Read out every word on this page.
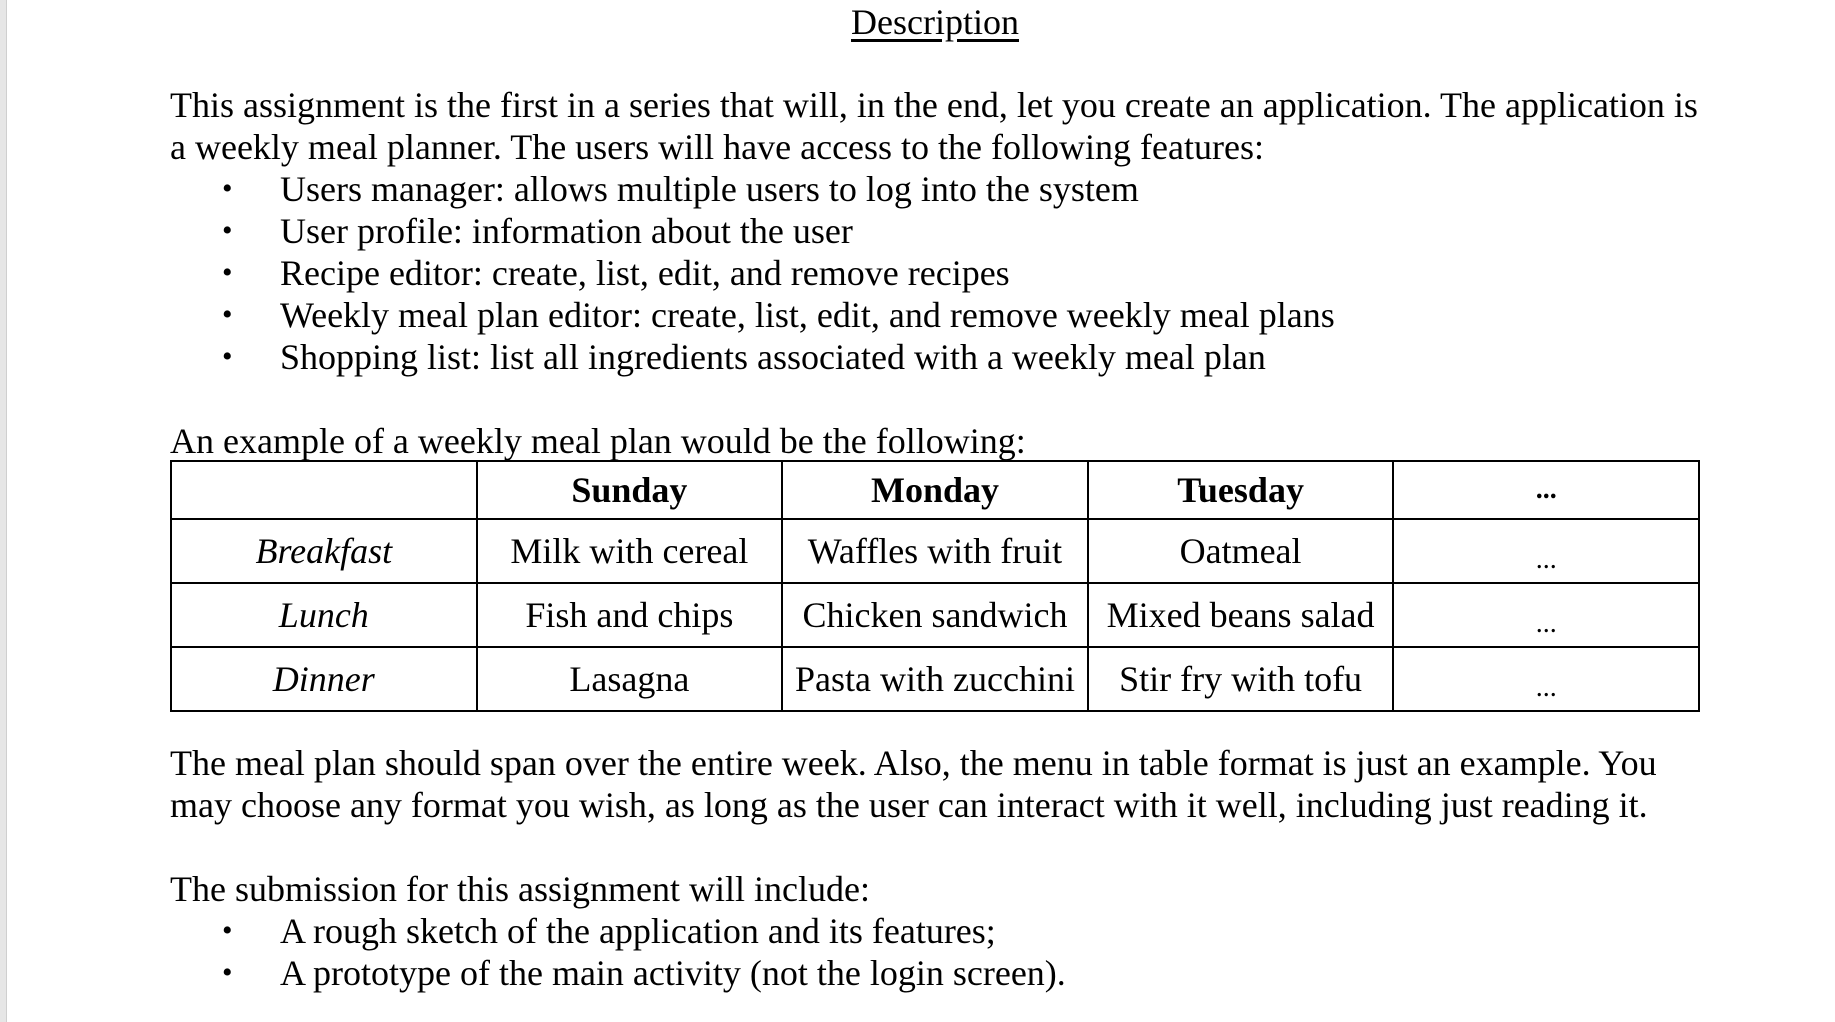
Description

This assignment is the first in a series that will, in the end, let you create an application. The application is a weekly meal planner. The users will have access to the following features:

• Users manager: allows multiple users to log into the system
• User profile: information about the user
• Recipe editor: create, list, edit, and remove recipes
• Weekly meal plan editor: create, list, edit, and remove weekly meal plans
• Shopping list: list all ingredients associated with a weekly meal plan

An example of a weekly meal plan would be the following:

	Sunday	Monday	Tuesday	...
Breakfast	Milk with cereal	Waffles with fruit	Oatmeal	...
Lunch	Fish and chips	Chicken sandwich	Mixed beans salad	...
Dinner	Lasagna	Pasta with zucchini	Stir fry with tofu	...

The meal plan should span over the entire week. Also, the menu in table format is just an example. You may choose any format you wish, as long as the user can interact with it well, including just reading it.

The submission for this assignment will include:

• A rough sketch of the application and its features;
• A prototype of the main activity (not the login screen).
